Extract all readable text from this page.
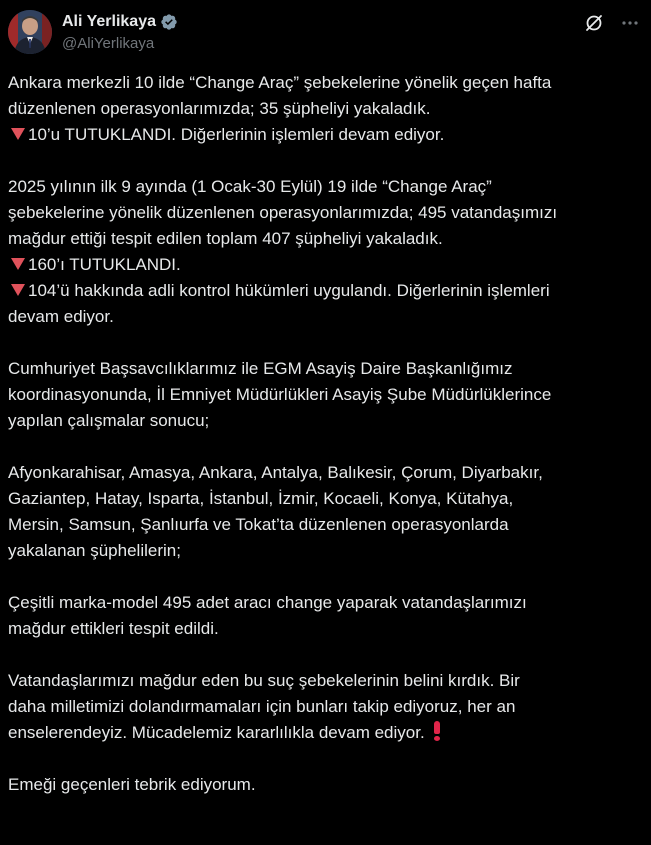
Ali Yerlikaya
@AliYerlikaya
Ankara merkezli 10 ilde “Change Araç” şebekelerine yönelik geçen hafta
düzenlenen operasyonlarımızda; 35 şüpheliyi yakaladık.
10’u TUTUKLANDI. Diğerlerinin işlemleri devam ediyor.
2025 yılının ilk 9 ayında (1 Ocak-30 Eylül) 19 ilde “Change Araç”
şebekelerine yönelik düzenlenen operasyonlarımızda; 495 vatandaşımızı
mağdur ettiği tespit edilen toplam 407 şüpheliyi yakaladık.
160’ı TUTUKLANDI.
104’ü hakkında adli kontrol hükümleri uygulandı. Diğerlerinin işlemleri
devam ediyor.
Cumhuriyet Başsavcılıklarımız ile EGM Asayiş Daire Başkanlığımız
koordinasyonunda, İl Emniyet Müdürlükleri Asayiş Şube Müdürlüklerince
yapılan çalışmalar sonucu;
Afyonkarahisar, Amasya, Ankara, Antalya, Balıkesir, Çorum, Diyarbakır,
Gaziantep, Hatay, Isparta, İstanbul, İzmir, Kocaeli, Konya, Kütahya,
Mersin, Samsun, Şanlıurfa ve Tokat’ta düzenlenen operasyonlarda
yakalanan şüphelilerin;
Çeşitli marka-model 495 adet aracı change yaparak vatandaşlarımızı
mağdur ettikleri tespit edildi.
Vatandaşlarımızı mağdur eden bu suç şebekelerinin belini kırdık. Bir
daha milletimizi dolandırmamaları için bunları takip ediyoruz, her an
enselerendeyiz. Mücadelemiz kararlılıkla devam ediyor.
Emeği geçenleri tebrik ediyorum.
